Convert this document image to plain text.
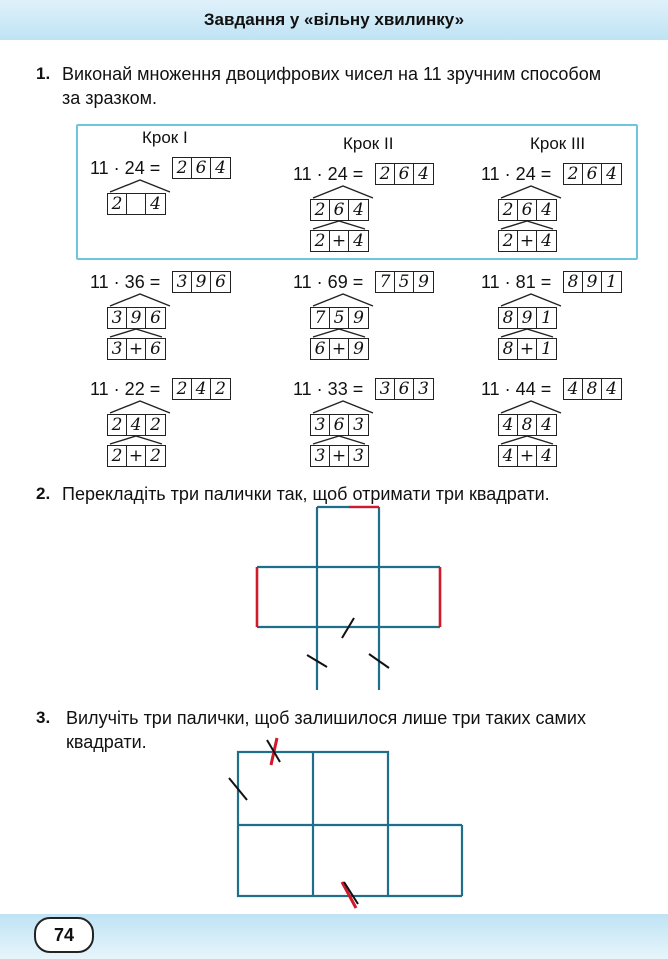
Завдання у «вільну хвилинку»
1. Виконай множення двоцифрових чисел на 11 зручним способом
за зразком.
Крок I	Крок II	Крок III
11 · 24 = 2 6 4
2 4
11 · 24 = 2 6 4
2 6 4
2 + 4
11 · 24 = 2 6 4
2 6 4
2 + 4
11 · 36 = 3 9 6
3 9 6
3 + 6
11 · 69 = 7 5 9
7 5 9
6 + 9
11 · 81 = 8 9 1
8 9 1
8 + 1
11 · 22 = 2 4 2
2 4 2
2 + 2
11 · 33 = 3 6 3
3 6 3
3 + 3
11 · 44 = 4 8 4
4 8 4
4 + 4
2. Перекладіть три палички так, щоб отримати три квадрати.
3. Вилучіть три палички, щоб залишилося лише три таких самих
квадрати.
74
